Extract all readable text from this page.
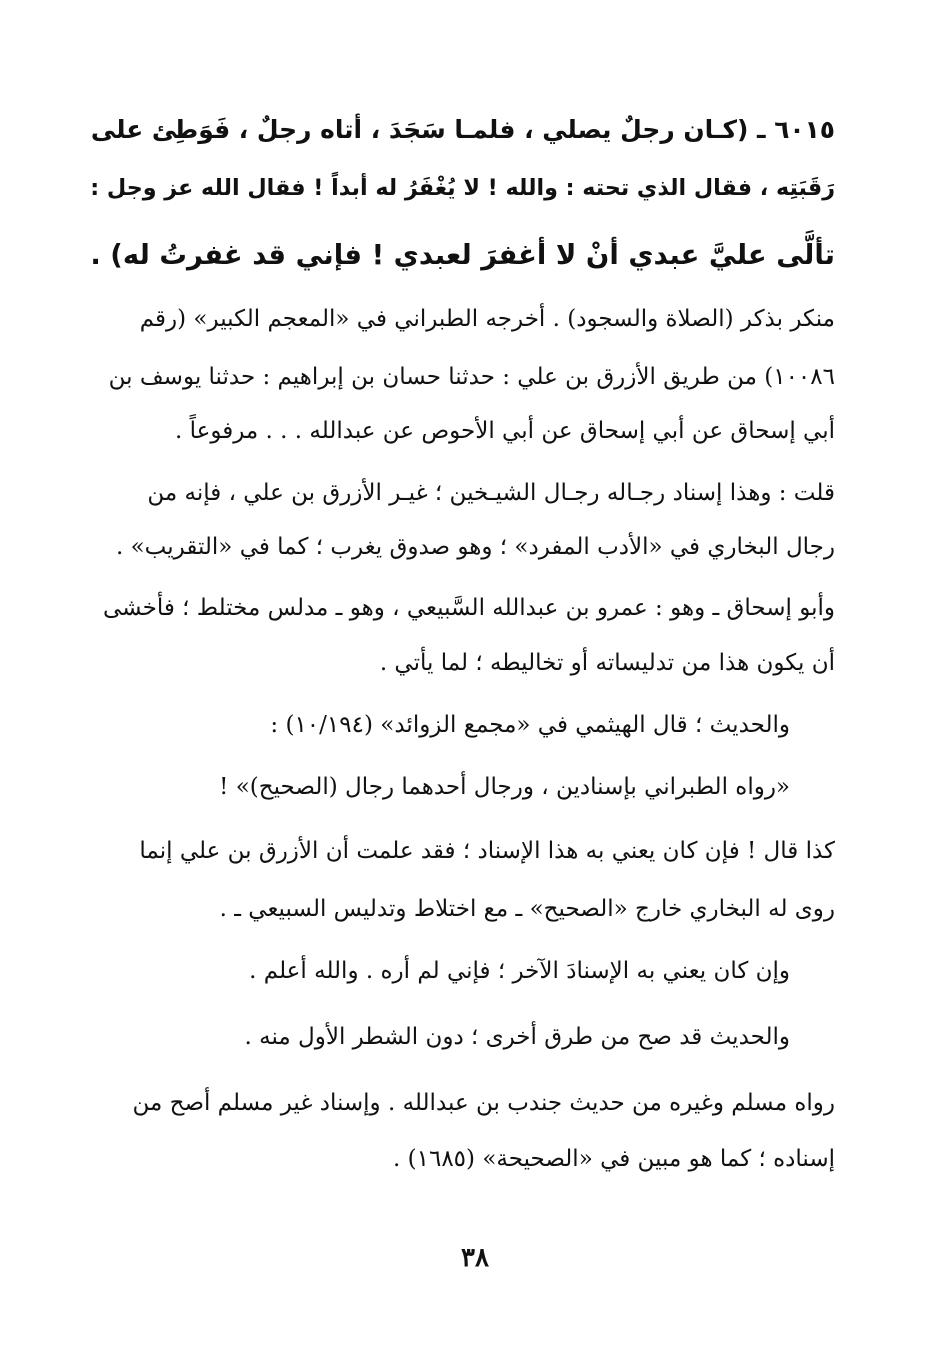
٦٠١٥ ـ (كـان رجلٌ يصلي ، فلمـا سَجَدَ ، أتاه رجلٌ ، فَوَطِئ على
رَقَبَتِه ، فقال الذي تحته : والله ! لا يُغْفَرُ له أبداً ! فقال الله عز وجل :
تألَّى عليَّ عبدي أنْ لا أغفرَ لعبدي ! فإني قد غفرتُ له) .
منكر بذكر (الصلاة والسجود) . أخرجه الطبراني في «المعجم الكبير» (رقم
١٠٠٨٦) من طريق الأزرق بن علي : حدثنا حسان بن إبراهيم : حدثنا يوسف بن
أبي إسحاق عن أبي إسحاق عن أبي الأحوص عن عبدالله . . . مرفوعاً .
قلت : وهذا إسناد رجـاله رجـال الشيـخين ؛ غيـر الأزرق بن علي ، فإنه من
رجال البخاري في «الأدب المفرد» ؛ وهو صدوق يغرب ؛ كما في «التقريب» .
وأبو إسحاق ـ وهو : عمرو بن عبدالله السَّبيعي ، وهو ـ مدلس مختلط ؛ فأخشى
أن يكون هذا من تدليساته أو تخاليطه ؛ لما يأتي .
والحديث ؛ قال الهيثمي في «مجمع الزوائد» (١٠/١٩٤) :
«رواه الطبراني بإسنادين ، ورجال أحدهما رجال (الصحيح)» !
كذا قال ! فإن كان يعني به هذا الإسناد ؛ فقد علمت أن الأزرق بن علي إنما
روى له البخاري خارج «الصحيح» ـ مع اختلاط وتدليس السبيعي ـ .
وإن كان يعني به الإسنادَ الآخر ؛ فإني لم أره . والله أعلم .
والحديث قد صح من طرق أخرى ؛ دون الشطر الأول منه .
رواه مسلم وغيره من حديث جندب بن عبدالله . وإسناد غير مسلم أصح من
إسناده ؛ كما هو مبين في «الصحيحة» (١٦٨٥) .
٣٨
